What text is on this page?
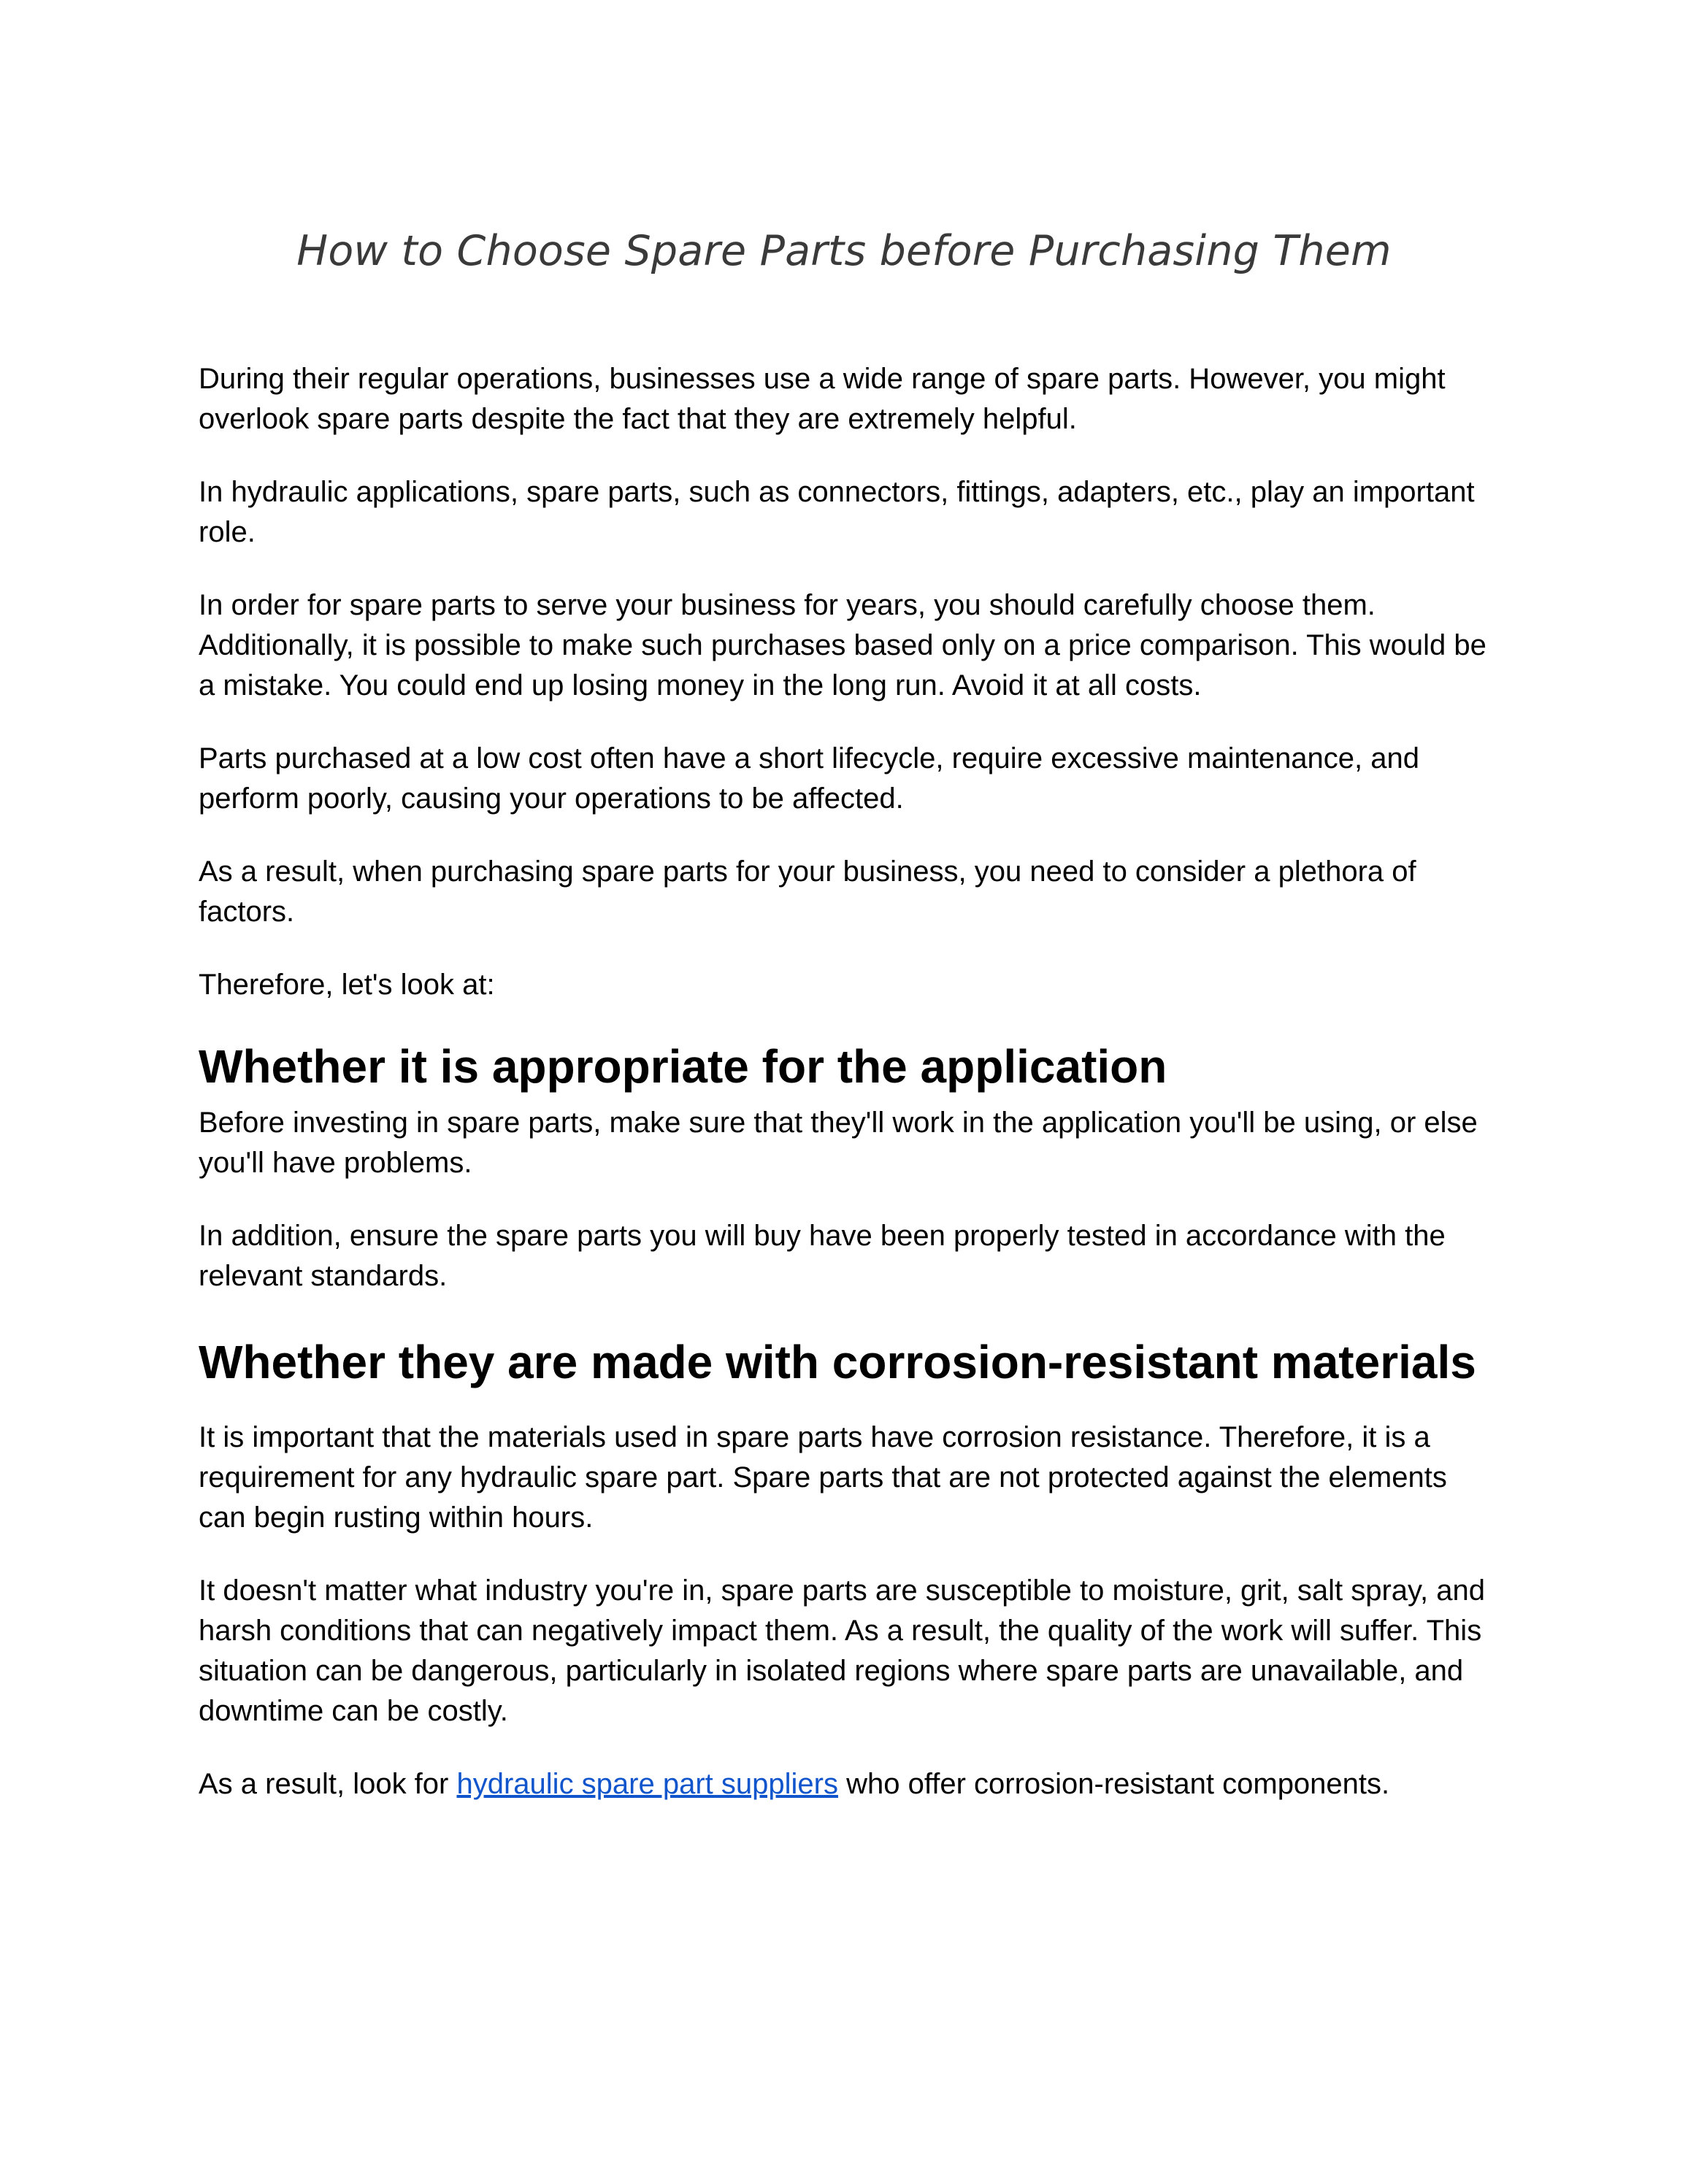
How to Choose Spare Parts before Purchasing Them

During their regular operations, businesses use a wide range of spare parts. However, you might overlook spare parts despite the fact that they are extremely helpful.

In hydraulic applications, spare parts, such as connectors, fittings, adapters, etc., play an important role.

In order for spare parts to serve your business for years, you should carefully choose them. Additionally, it is possible to make such purchases based only on a price comparison. This would be a mistake. You could end up losing money in the long run. Avoid it at all costs.

Parts purchased at a low cost often have a short lifecycle, require excessive maintenance, and perform poorly, causing your operations to be affected.

As a result, when purchasing spare parts for your business, you need to consider a plethora of factors.

Therefore, let's look at:

Whether it is appropriate for the application

Before investing in spare parts, make sure that they'll work in the application you'll be using, or else you'll have problems.

In addition, ensure the spare parts you will buy have been properly tested in accordance with the relevant standards.

Whether they are made with corrosion-resistant materials

It is important that the materials used in spare parts have corrosion resistance. Therefore, it is a requirement for any hydraulic spare part. Spare parts that are not protected against the elements can begin rusting within hours.

It doesn't matter what industry you're in, spare parts are susceptible to moisture, grit, salt spray, and harsh conditions that can negatively impact them. As a result, the quality of the work will suffer. This situation can be dangerous, particularly in isolated regions where spare parts are unavailable, and downtime can be costly.

As a result, look for hydraulic spare part suppliers who offer corrosion-resistant components.
